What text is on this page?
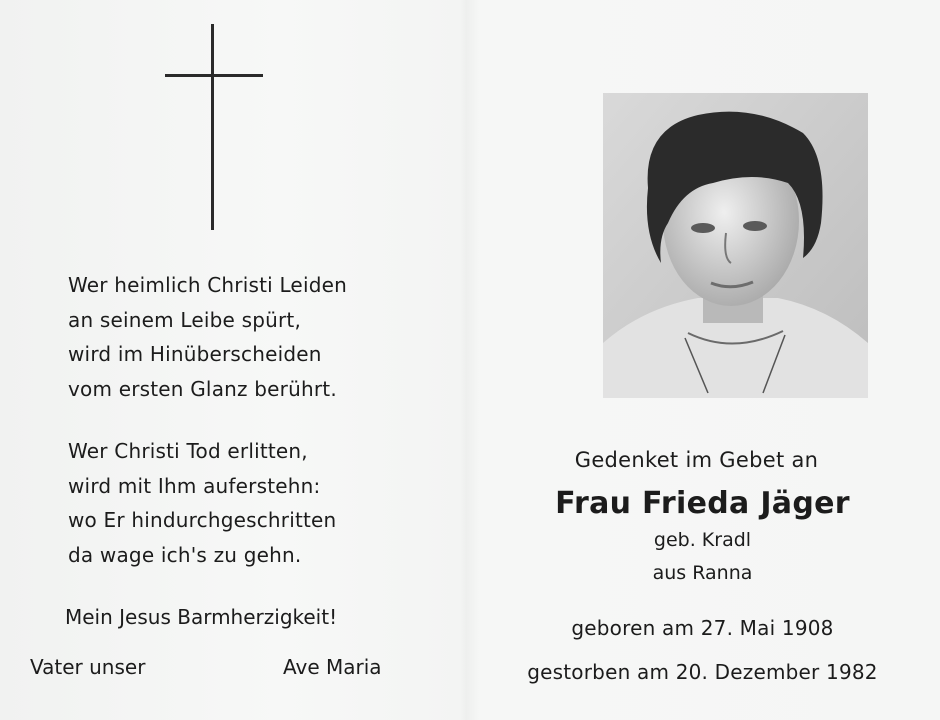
Wer heimlich Christi Leiden
an seinem Leibe spürt,
wird im Hinüberscheiden
vom ersten Glanz berührt.
Wer Christi Tod erlitten,
wird mit Ihm auferstehn:
wo Er hindurchgeschritten
da wage ich's zu gehn.
Mein Jesus Barmherzigkeit!
Vater unser	Ave Maria
Gedenket im Gebet an
Frau Frieda Jäger
geb. Kradl
aus Ranna
geboren am 27. Mai 1908
gestorben am 20. Dezember 1982
